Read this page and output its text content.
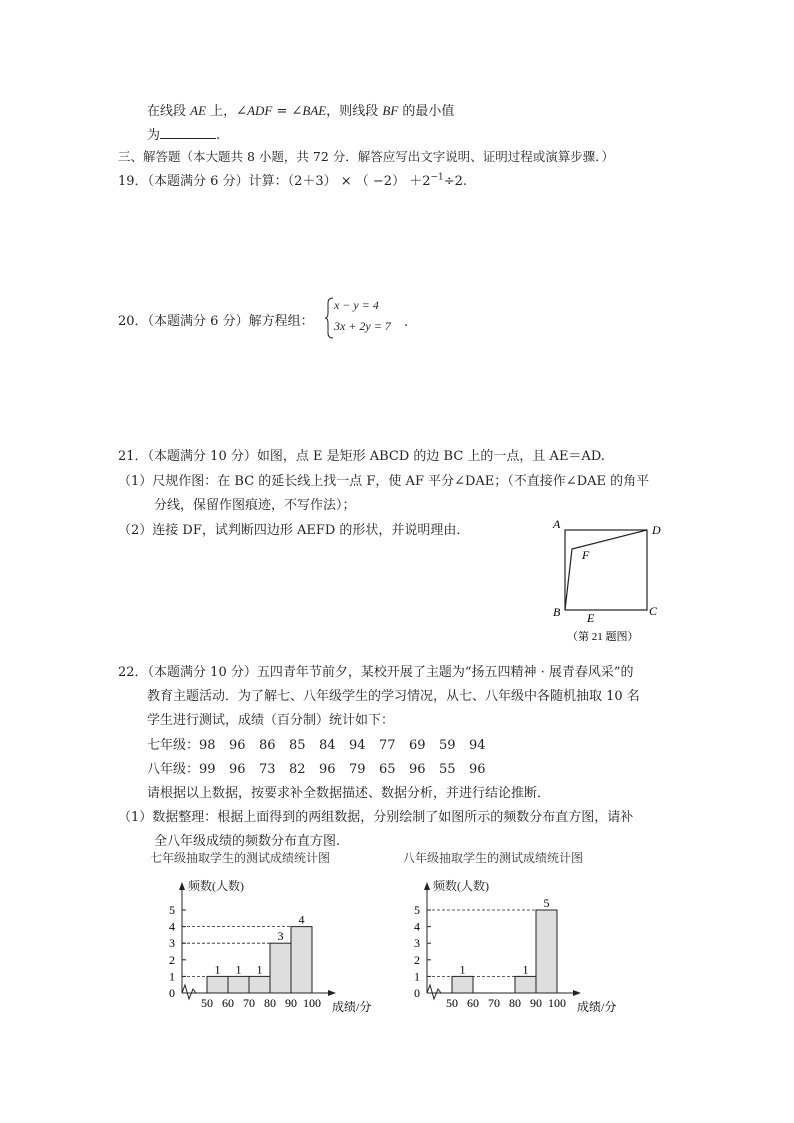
在线段 AE 上，∠ADF = ∠BAE，则线段 BF 的最小值
为	.
三、解答题（本大题共 8 小题，共 72 分．解答应写出文字说明、证明过程或演算步骤．）
19．（本题满分 6 分）计算：（2＋3） × （ $-2) +2^{-1}\div 2$.
20．（本题满分 6 分）解方程组：
x − y = 4
3x + 2y = 7 .
21．（本题满分 10 分）如图，点 E 是矩形 ABCD 的边 BC 上的一点，且 AE＝AD.
（1）尺规作图：在 BC 的延长线上找一点 F，使 AF 平分∠DAE；（不直接作∠DAE 的角平
分线，保留作图痕迹，不写作法）；
（2）连接 DF，试判断四边形 AEFD 的形状，并说明理由．	A	D
F
B E	C
（第 21 题图）
22．（本题满分 10 分）五四青年节前夕，某校开展了主题为“扬五四精神 · 展青春风采”的
教育主题活动．为了解七、八年级学生的学习情况，从七、八年级中各随机抽取 10 名
学生进行测试，成绩（百分制）统计如下：
七年级：98 96 86 85 84 94 77 69 59 94
八年级：99 96 73 82 96 79 65 96 55 96
请根据以上数据，按要求补全数据描述、数据分析，并进行结论推断．
（1）数据整理：根据上面得到的两组数据，分别绘制了如图所示的频数分布直方图，请补
全八年级成绩的频数分布直方图.
七年级抽取学生的测试成绩统计图
频数(人数)
0
1
2
3
4
5
1 1 1
3
4
50 60 70 80 90 100 成绩/分
八年级抽取学生的测试成绩统计图
频数(人数)
0
1
2
3
4
5
1	1
5
50 60 70 80 90 100 成绩/分
